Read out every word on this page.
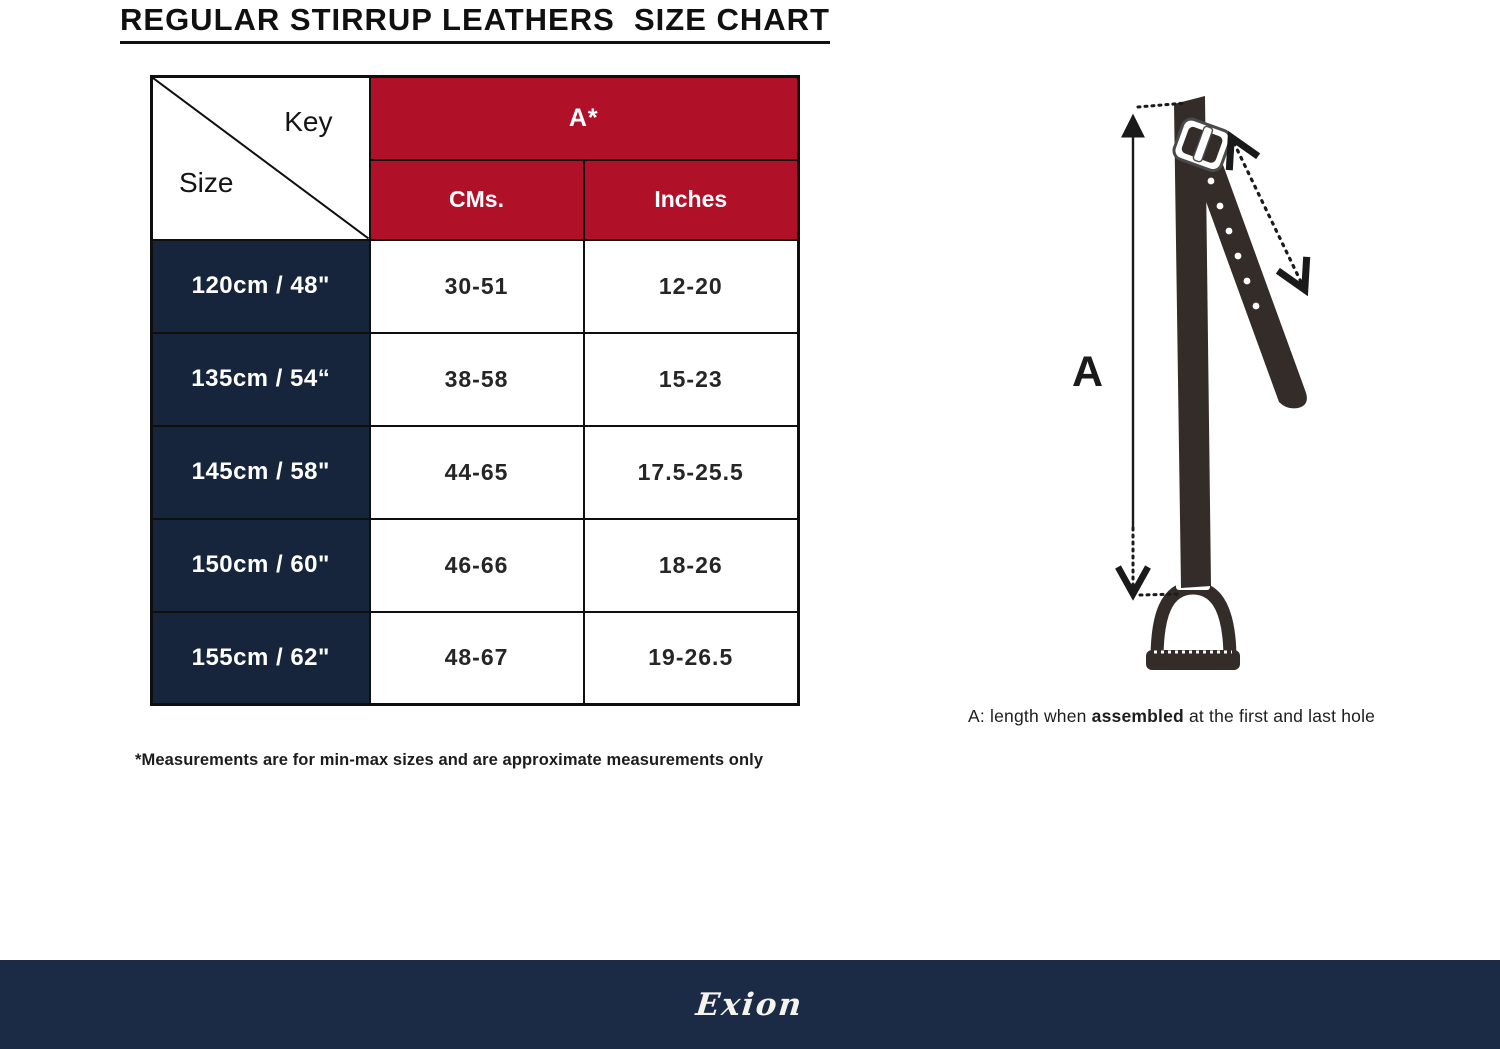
REGULAR STIRRUP LEATHERS  SIZE CHART
Key
Size	A*	
	CMs.	Inches
120cm / 48"	30-51	12-20
135cm / 54“	38-58	15-23
145cm / 58"	44-65	17.5-25.5
150cm / 60"	46-66	18-26
155cm / 62"	48-67	19-26.5
*Measurements are for min-max sizes and are approximate measurements only
A
A: length when assembled at the first and last hole
Exion
